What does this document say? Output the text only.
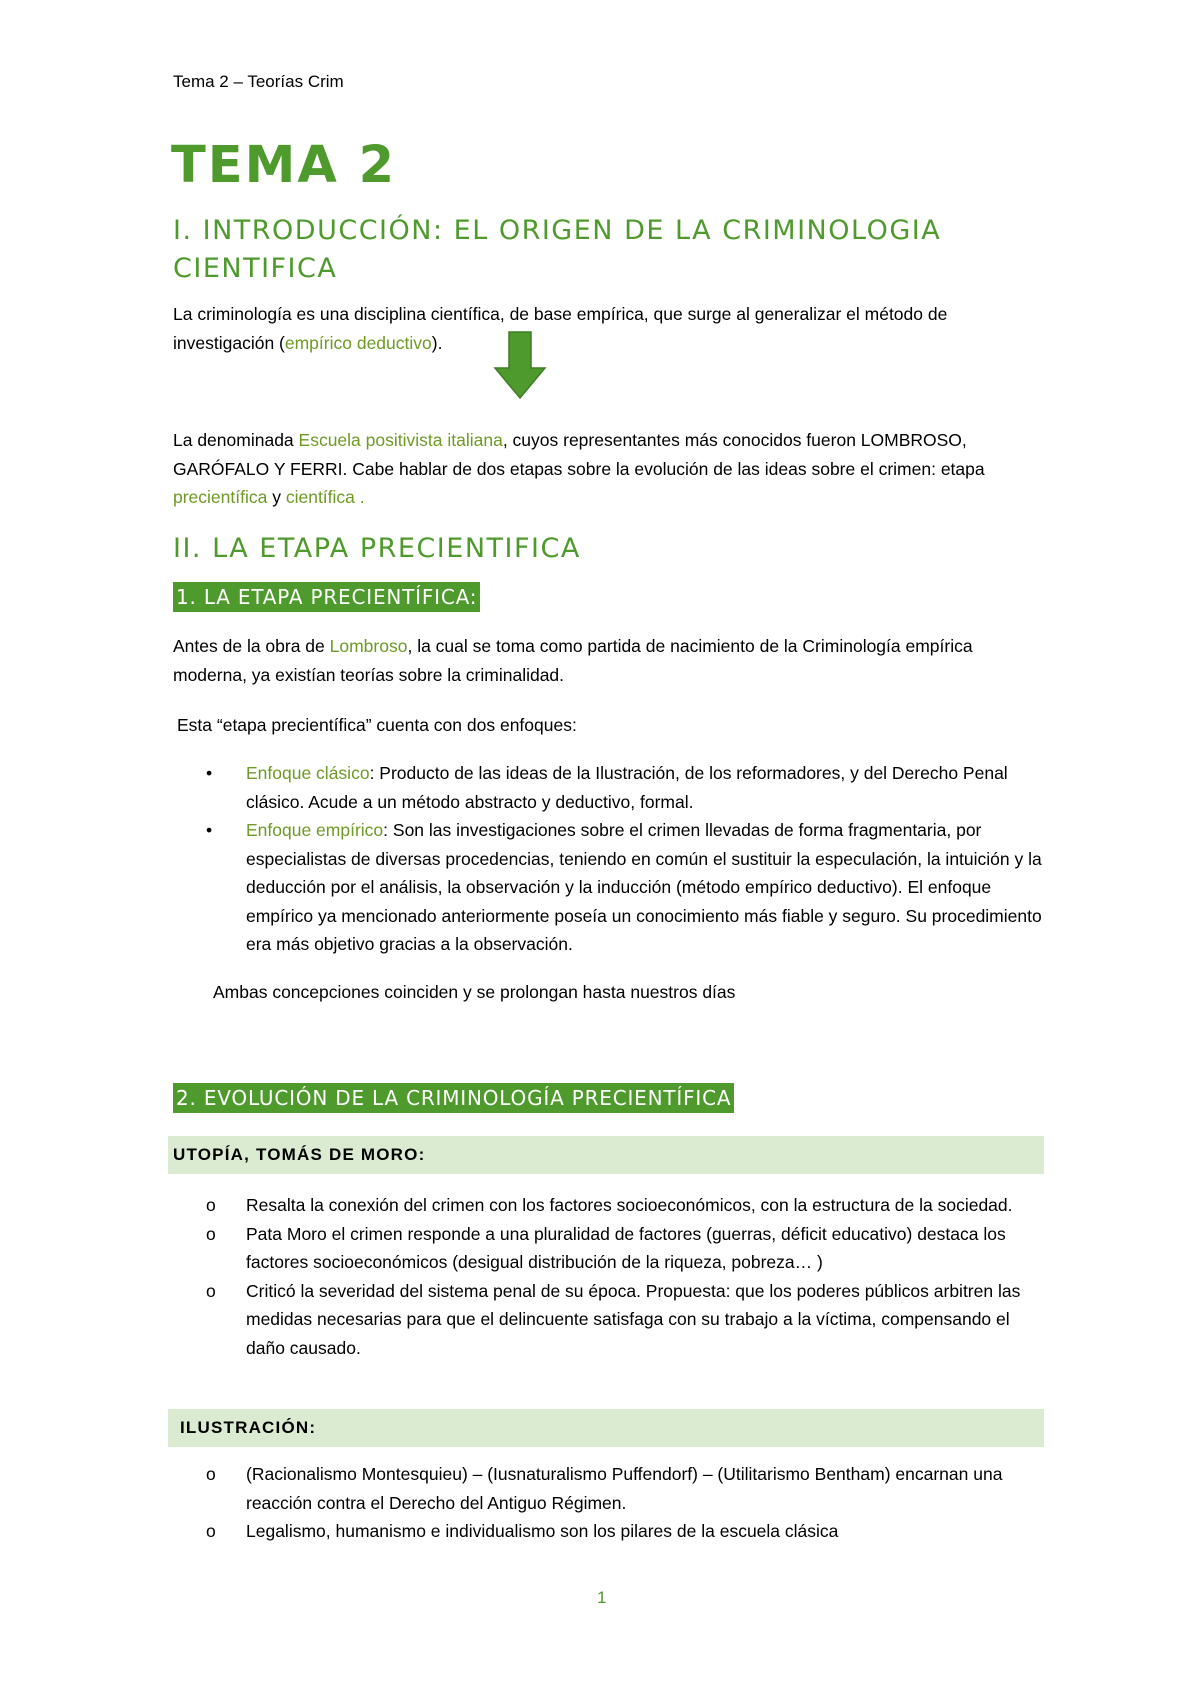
Tema 2 – Teorías Crim
TEMA 2
I. INTRODUCCIÓN: EL ORIGEN DE LA CRIMINOLOGIA
CIENTIFICA
La criminología es una disciplina científica, de base empírica, que surge al generalizar el método de investigación (empírico deductivo).
La denominada Escuela positivista italiana, cuyos representantes más conocidos fueron LOMBROSO, GARÓFALO Y FERRI. Cabe hablar de dos etapas sobre la evolución de las ideas sobre el crimen: etapa precientífica y científica .
II. LA ETAPA PRECIENTIFICA
1. LA ETAPA PRECIENTÍFICA:
Antes de la obra de Lombroso, la cual se toma como partida de nacimiento de la Criminología empírica moderna, ya existían teorías sobre la criminalidad.
Esta “etapa precientífica” cuenta con dos enfoques:
• Enfoque clásico: Producto de las ideas de la Ilustración, de los reformadores, y del Derecho Penal clásico. Acude a un método abstracto y deductivo, formal.
• Enfoque empírico: Son las investigaciones sobre el crimen llevadas de forma fragmentaria, por especialistas de diversas procedencias, teniendo en común el sustituir la especulación, la intuición y la deducción por el análisis, la observación y la inducción (método empírico deductivo). El enfoque empírico ya mencionado anteriormente poseía un conocimiento más fiable y seguro. Su procedimiento era más objetivo gracias a la observación.
Ambas concepciones coinciden y se prolongan hasta nuestros días
2. EVOLUCIÓN DE LA CRIMINOLOGÍA PRECIENTÍFICA
UTOPÍA, TOMÁS DE MORO:
o Resalta la conexión del crimen con los factores socioeconómicos, con la estructura de la sociedad.
o Pata Moro el crimen responde a una pluralidad de factores (guerras, déficit educativo) destaca los factores socioeconómicos (desigual distribución de la riqueza, pobreza… )
o Criticó la severidad del sistema penal de su época. Propuesta: que los poderes públicos arbitren las medidas necesarias para que el delincuente satisfaga con su trabajo a la víctima, compensando el daño causado.
ILUSTRACIÓN:
o (Racionalismo Montesquieu) – (Iusnaturalismo Puffendorf) – (Utilitarismo Bentham) encarnan una reacción contra el Derecho del Antiguo Régimen.
o Legalismo, humanismo e individualismo son los pilares de la escuela clásica
1
